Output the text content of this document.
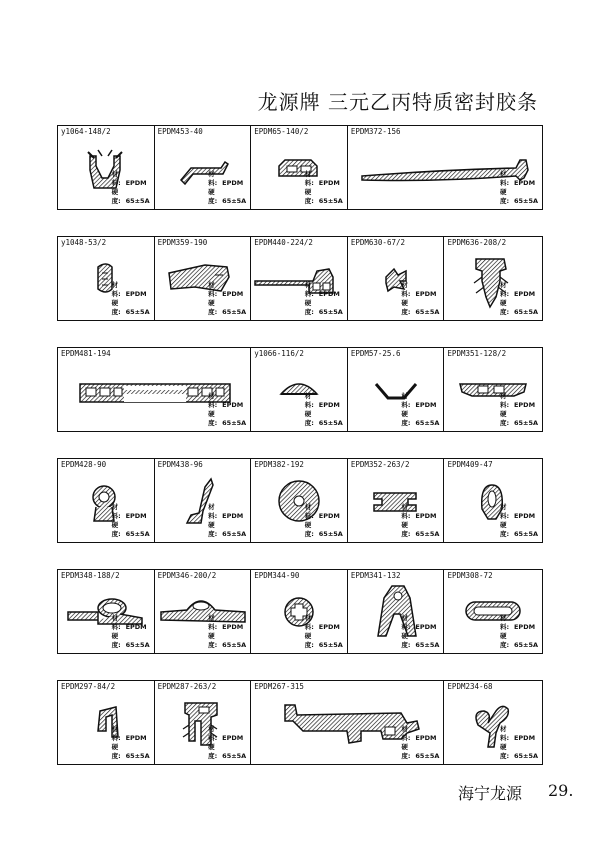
龙源牌 三元乙丙特质密封胶条
y1064-148/2
材料: EPDM
硬度: 65±5A
EPDM453-40
材料: EPDM
硬度: 65±5A
EPDM65-140/2
材料: EPDM
硬度: 65±5A
EPDM372-156
材料: EPDM
硬度: 65±5A
y1048-53/2
材料: EPDM
硬度: 65±5A
EPDM359-190
材料: EPDM
硬度: 65±5A
EPDM440-224/2
材料: EPDM
硬度: 65±5A
EPDM630-67/2
材料: EPDM
硬度: 65±5A
EPDM636-208/2
材料: EPDM
硬度: 65±5A
EPDM481-194
材料: EPDM
硬度: 65±5A
y1066-116/2
材料: EPDM
硬度: 65±5A
EPDM57-25.6
材料: EPDM
硬度: 65±5A
EPDM351-128/2
材料: EPDM
硬度: 65±5A
EPDM428-90
材料: EPDM
硬度: 65±5A
EPDM438-96
材料: EPDM
硬度: 65±5A
EPDM382-192
材料: EPDM
硬度: 65±5A
EPDM352-263/2
材料: EPDM
硬度: 65±5A
EPDM409-47
材料: EPDM
硬度: 65±5A
EPDM348-188/2
材料: EPDM
硬度: 65±5A
EPDM346-200/2
材料: EPDM
硬度: 65±5A
EPDM344-90
材料: EPDM
硬度: 65±5A
EPDM341-132
材料: EPDM
硬度: 65±5A
EPDM308-72
材料: EPDM
硬度: 65±5A
EPDM297-84/2
材料: EPDM
硬度: 65±5A
EPDM287-263/2
材料: EPDM
硬度: 65±5A
EPDM267-315
材料: EPDM
硬度: 65±5A
EPDM234-68
材料: EPDM
硬度: 65±5A
海宁龙源 29.
